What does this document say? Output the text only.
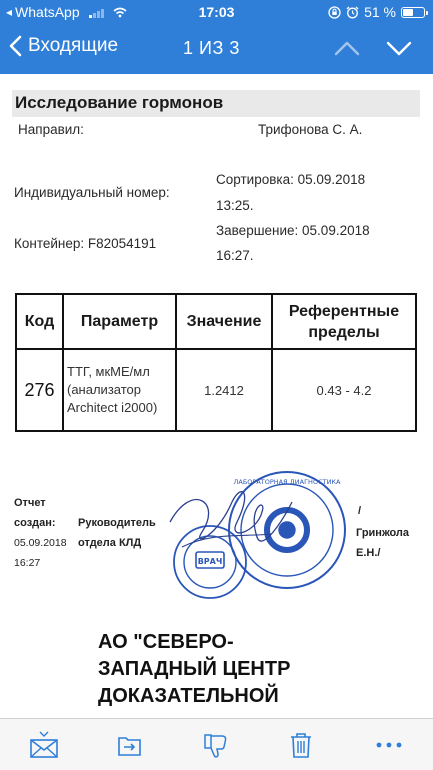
◂ WhatsApp	17:03	51 %
Входящие	1 ИЗ 3
Исследование гормонов
Направил:	Трифонова С. А.
Сортировка: 05.09.2018
13:25.
Индивидуальный номер:
Завершение: 05.09.2018
16:27.
Контейнер: F82054191
Код	Параметр	Значение	Референтные
пределы

276	ТТГ, мкМЕ/мл
(анализатор
Architect i2000)	1.2412	0.43 - 4.2
Отчет
создан:
05.09.2018
16:27
Руководитель
отдела КЛД
/
Гринжола
Е.Н./
ВРАЧ
ЛАБОРАТОРНАЯ ДИАГНОСТИКА
АО "СЕВЕРО-
ЗАПАДНЫЙ ЦЕНТР
ДОКАЗАТЕЛЬНОЙ
